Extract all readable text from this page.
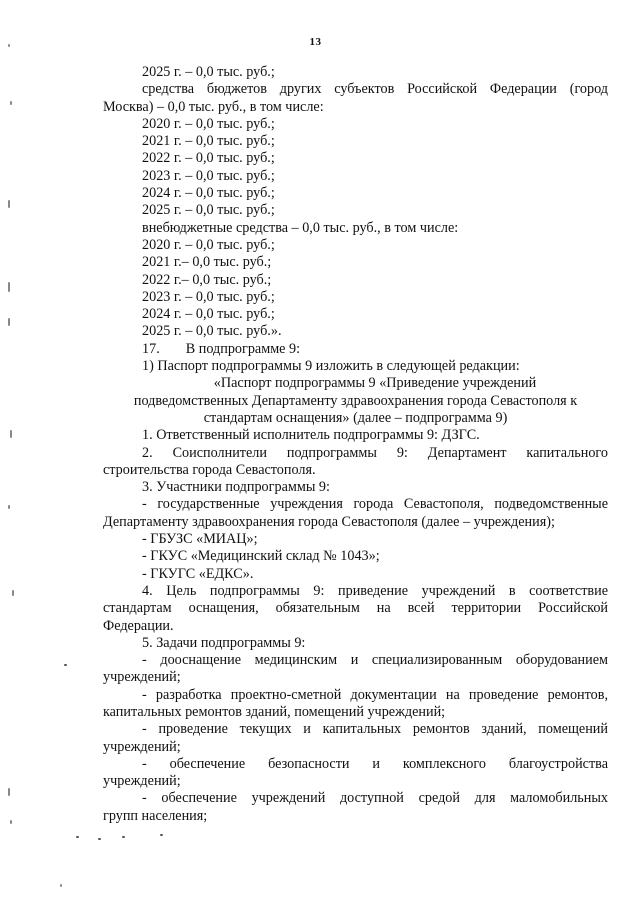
13

2025 г. – 0,0 тыс. руб.;

средства бюджетов других субъектов Российской Федерации (город

Москва) – 0,0 тыс. руб., в том числе:

2020 г. – 0,0 тыс. руб.;

2021 г. – 0,0 тыс. руб.;

2022 г. – 0,0 тыс. руб.;

2023 г. – 0,0 тыс. руб.;

2024 г. – 0,0 тыс. руб.;

2025 г. – 0,0 тыс. руб.;

внебюджетные средства – 0,0 тыс. руб., в том числе:

2020 г. – 0,0 тыс. руб.;

2021 г.– 0,0 тыс. руб.;

2022 г.– 0,0 тыс. руб.;

2023 г. – 0,0 тыс. руб.;

2024 г. – 0,0 тыс. руб.;

2025 г. – 0,0 тыс. руб.».

17. В подпрограмме 9:

1) Паспорт подпрограммы 9 изложить в следующей редакции:

«Паспорт подпрограммы 9 «Приведение учреждений

подведомственных Департаменту здравоохранения города Севастополя к

стандартам оснащения» (далее – подпрограмма 9)

1. Ответственный исполнитель подпрограммы 9: ДЗГС.

2. Соисполнители подпрограммы 9: Департамент капитального

строительства города Севастополя.

3. Участники подпрограммы 9:

- государственные учреждения города Севастополя, подведомственные

Департаменту здравоохранения города Севастополя (далее – учреждения);

- ГБУЗС «МИАЦ»;

- ГКУС «Медицинский склад № 1043»;

- ГКУГС «ЕДКС».

4. Цель подпрограммы 9: приведение учреждений в соответствие

стандартам оснащения, обязательным на всей территории Российской

Федерации.

5. Задачи подпрограммы 9:

- дооснащение медицинским и специализированным оборудованием

учреждений;

- разработка проектно-сметной документации на проведение ремонтов,

капитальных ремонтов зданий, помещений учреждений;

- проведение текущих и капитальных ремонтов зданий, помещений

учреждений;

- обеспечение безопасности и комплексного благоустройства

учреждений;

- обеспечение учреждений доступной средой для маломобильных

групп населения;
